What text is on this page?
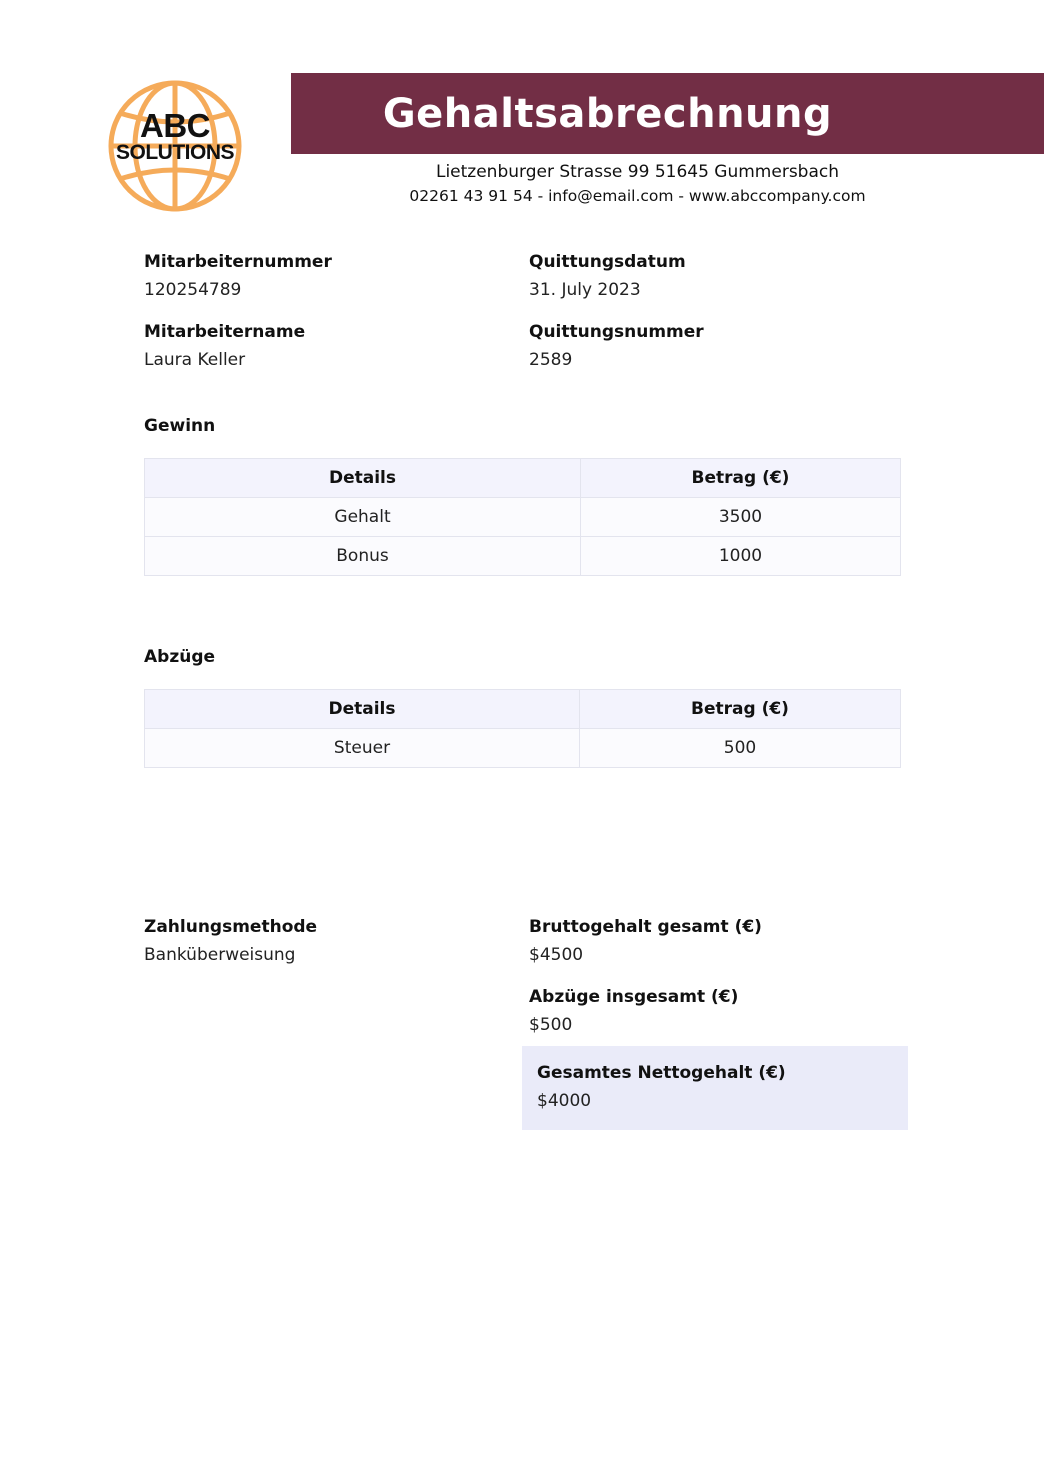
ABC
SOLUTIONS
Gehaltsabrechnung
Lietzenburger Strasse 99 51645 Gummersbach
02261 43 91 54 - info@email.com - www.abccompany.com
Mitarbeiternummer
120254789
Quittungsdatum
31. July 2023
Mitarbeitername
Laura Keller
Quittungsnummer
2589
Gewinn
Details	Betrag (€)
Gehalt	3500
Bonus	1000
Abzüge
Details	Betrag (€)
Steuer	500
Zahlungsmethode
Banküberweisung
Bruttogehalt gesamt (€)
$4500
Abzüge insgesamt (€)
$500
Gesamtes Nettogehalt (€)
$4000
